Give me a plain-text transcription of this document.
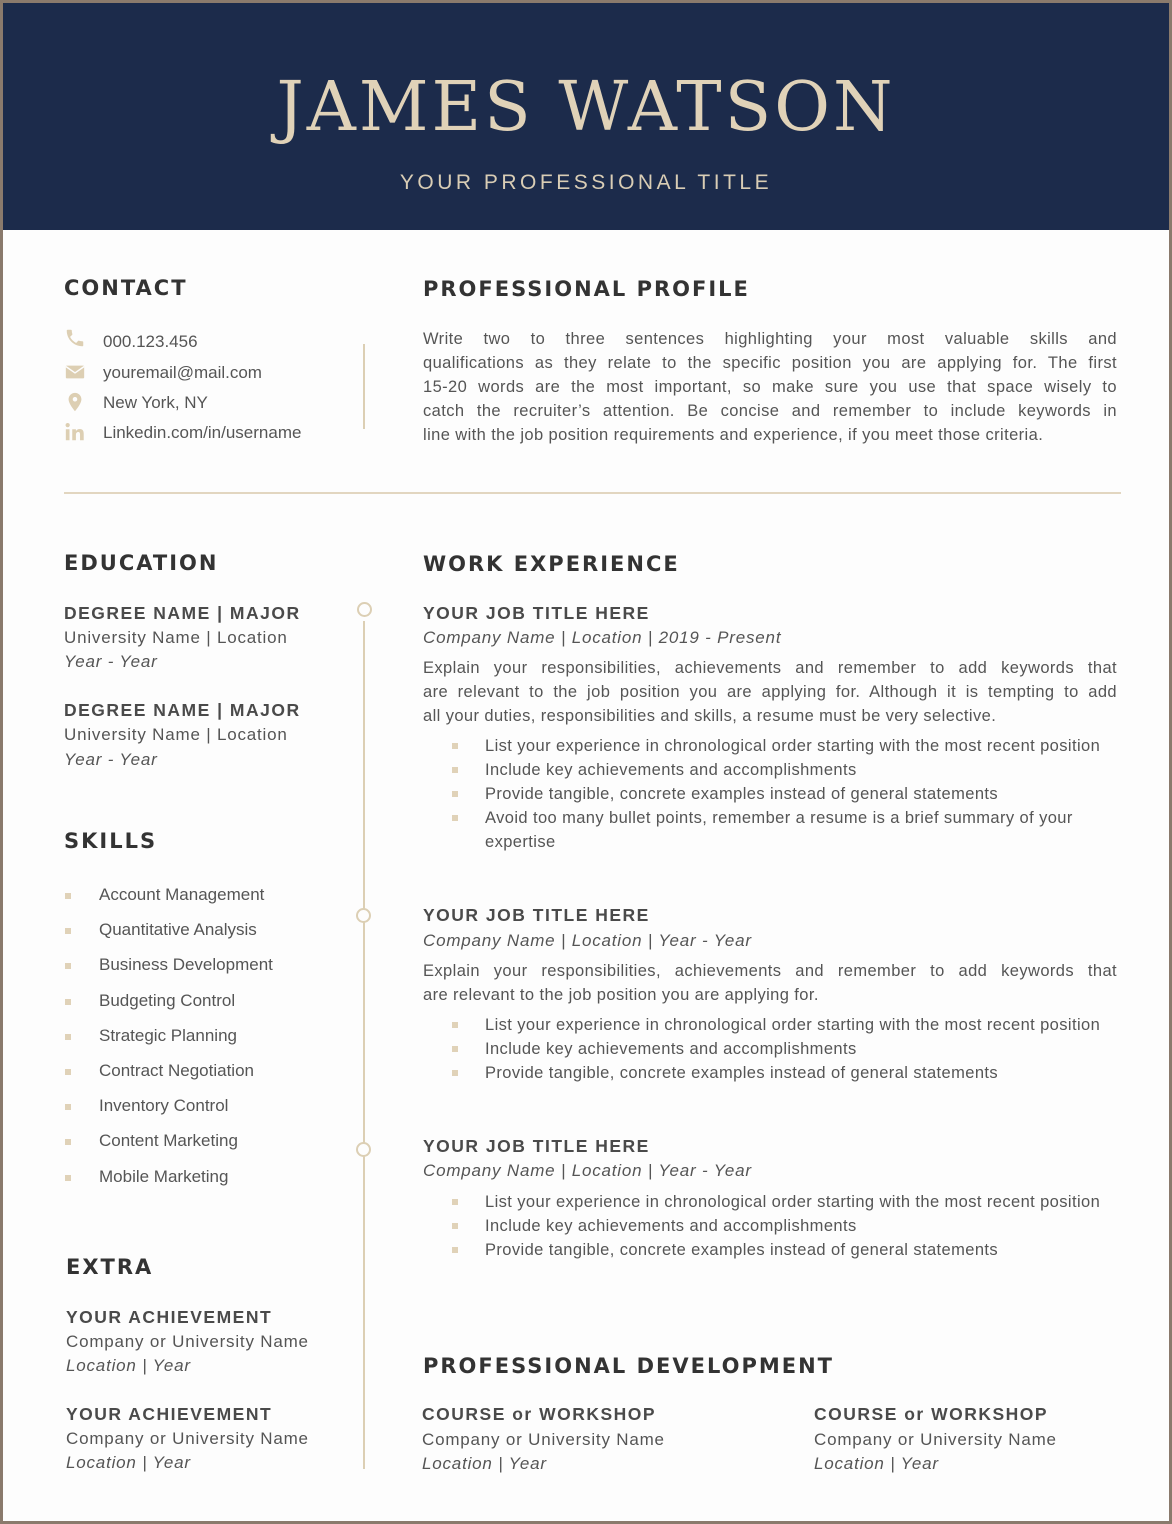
JAMES WATSON
YOUR PROFESSIONAL TITLE
CONTACT
000.123.456
youremail@mail.com
New York, NY
Linkedin.com/in/username
PROFESSIONAL PROFILE
Write two to three sentences highlighting your most valuable skills and
qualifications as they relate to the specific position you are applying for. The first
15-20 words are the most important, so make sure you use that space wisely to
catch the recruiter’s attention. Be concise and remember to include keywords in
line with the job position requirements and experience, if you meet those criteria.
EDUCATION
DEGREE NAME | MAJOR
University Name | Location
Year - Year
DEGREE NAME | MAJOR
University Name | Location
Year - Year
SKILLS
Account Management
Quantitative Analysis
Business Development
Budgeting Control
Strategic Planning
Contract Negotiation
Inventory Control
Content Marketing
Mobile Marketing
EXTRA
YOUR ACHIEVEMENT
Company or University Name
Location | Year
YOUR ACHIEVEMENT
Company or University Name
Location | Year
WORK EXPERIENCE
YOUR JOB TITLE HERE
Company Name | Location | 2019 - Present
Explain your responsibilities, achievements and remember to add keywords that
are relevant to the job position you are applying for. Although it is tempting to add
all your duties, responsibilities and skills, a resume must be very selective.
List your experience in chronological order starting with the most recent position
Include key achievements and accomplishments
Provide tangible, concrete examples instead of general statements
Avoid too many bullet points, remember a resume is a brief summary of your expertise
YOUR JOB TITLE HERE
Company Name | Location | Year - Year
Explain your responsibilities, achievements and remember to add keywords that
are relevant to the job position you are applying for.
List your experience in chronological order starting with the most recent position
Include key achievements and accomplishments
Provide tangible, concrete examples instead of general statements
YOUR JOB TITLE HERE
Company Name | Location | Year - Year
List your experience in chronological order starting with the most recent position
Include key achievements and accomplishments
Provide tangible, concrete examples instead of general statements
PROFESSIONAL DEVELOPMENT
COURSE or WORKSHOP
Company or University Name
Location | Year
COURSE or WORKSHOP
Company or University Name
Location | Year
